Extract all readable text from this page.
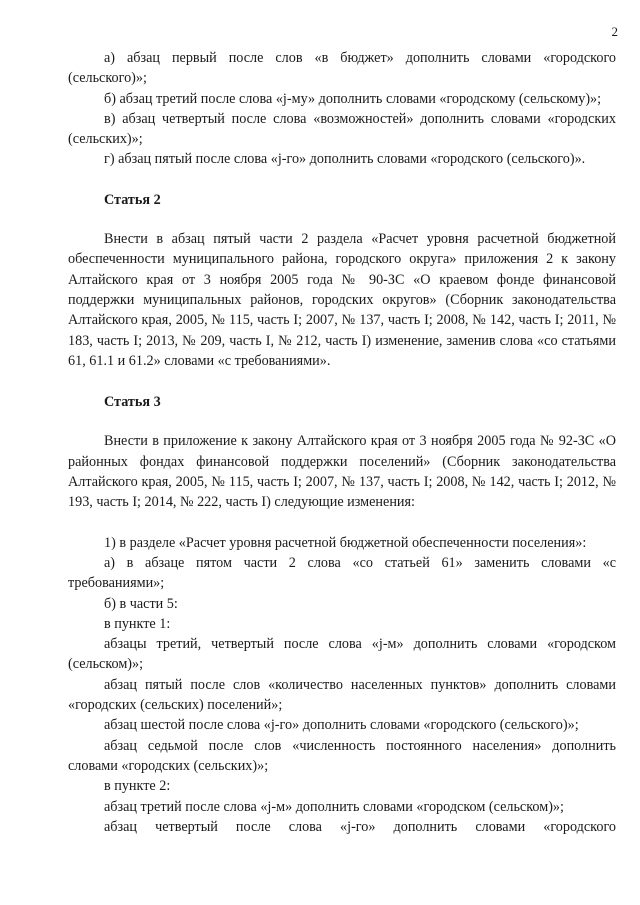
2

а) абзац первый после слов «в бюджет» дополнить словами «городского (сельского)»;

б) абзац третий после слова «j-му» дополнить словами «городскому (сельскому)»;

в) абзац четвертый после слова «возможностей» дополнить словами «городских (сельских)»;

г) абзац пятый после слова «j-го» дополнить словами «городского (сельского)».

Статья 2

Внести в абзац пятый части 2 раздела «Расчет уровня расчетной бюджетной обеспеченности муниципального района, городского округа» приложения 2 к закону Алтайского края от 3 ноября 2005 года № 90-ЗС «О краевом фонде финансовой поддержки муниципальных районов, городских округов» (Сборник законодательства Алтайского края, 2005, № 115, часть I; 2007, № 137, часть I; 2008, № 142, часть I; 2011, № 183, часть I; 2013, № 209, часть I, № 212, часть I) изменение, заменив слова «со статьями 61, 61.1 и 61.2» словами «с требованиями».

Статья 3

Внести в приложение к закону Алтайского края от 3 ноября 2005 года № 92-ЗС «О районных фондах финансовой поддержки поселений» (Сборник законодательства Алтайского края, 2005, № 115, часть I; 2007, № 137, часть I; 2008, № 142, часть I; 2012, № 193, часть I; 2014, № 222, часть I) следующие изменения:

1) в разделе «Расчет уровня расчетной бюджетной обеспеченности поселения»:

а) в абзаце пятом части 2 слова «со статьей 61» заменить словами «с требованиями»;

б) в части 5:

в пункте 1:

абзацы третий, четвертый после слова «j-м» дополнить словами «городском (сельском)»;

абзац пятый после слов «количество населенных пунктов» дополнить словами «городских (сельских) поселений»;

абзац шестой после слова «j-го» дополнить словами «городского (сельского)»;

абзац седьмой после слов «численность постоянного населения» дополнить словами «городских (сельских)»;

в пункте 2:

абзац третий после слова «j-м» дополнить словами «городском (сельском)»;

абзац четвертый после слова «j-го» дополнить словами «городского
